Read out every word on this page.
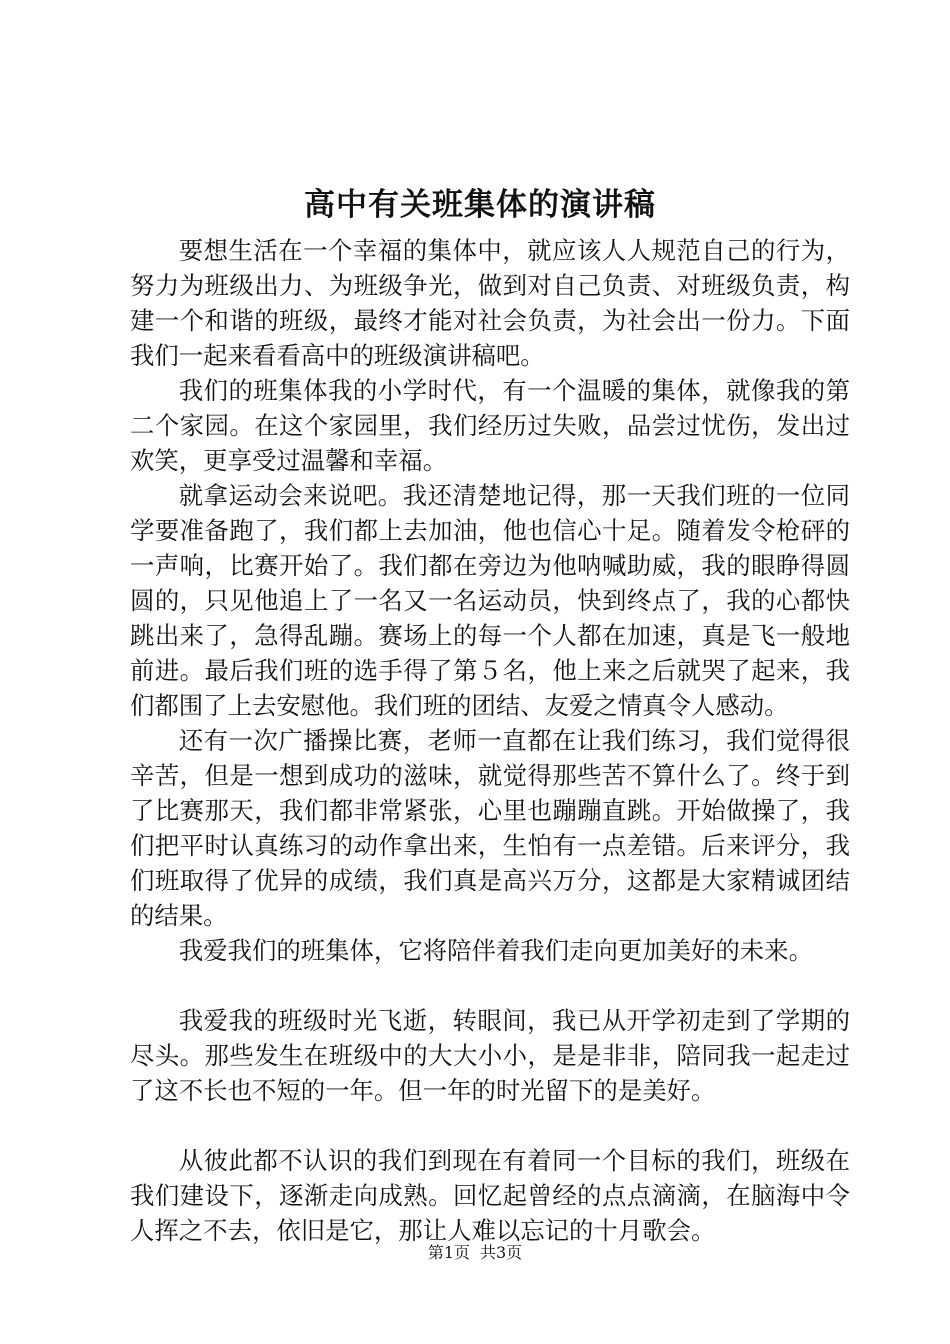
高中有关班集体的演讲稿

要想生活在一个幸福的集体中，就应该人人规范自己的行为，努力为班级出力、为班级争光，做到对自己负责、对班级负责，构建一个和谐的班级，最终才能对社会负责，为社会出一份力。下面我们一起来看看高中的班级演讲稿吧。

我们的班集体我的小学时代，有一个温暖的集体，就像我的第二个家园。在这个家园里，我们经历过失败，品尝过忧伤，发出过欢笑，更享受过温馨和幸福。

就拿运动会来说吧。我还清楚地记得，那一天我们班的一位同学要准备跑了，我们都上去加油，他也信心十足。随着发令枪砰的一声响，比赛开始了。我们都在旁边为他呐喊助威，我的眼睁得圆圆的，只见他追上了一名又一名运动员，快到终点了，我的心都快跳出来了，急得乱蹦。赛场上的每一个人都在加速，真是飞一般地前进。最后我们班的选手得了第５名，他上来之后就哭了起来，我们都围了上去安慰他。我们班的团结、友爱之情真令人感动。

还有一次广播操比赛，老师一直都在让我们练习，我们觉得很辛苦，但是一想到成功的滋味，就觉得那些苦不算什么了。终于到了比赛那天，我们都非常紧张，心里也蹦蹦直跳。开始做操了，我们把平时认真练习的动作拿出来，生怕有一点差错。后来评分，我们班取得了优异的成绩，我们真是高兴万分，这都是大家精诚团结的结果。

我爱我们的班集体，它将陪伴着我们走向更加美好的未来。

我爱我的班级时光飞逝，转眼间，我已从开学初走到了学期的尽头。那些发生在班级中的大大小小，是是非非，陪同我一起走过了这不长也不短的一年。但一年的时光留下的是美好。

从彼此都不认识的我们到现在有着同一个目标的我们，班级在我们建设下，逐渐走向成熟。回忆起曾经的点点滴滴，在脑海中令人挥之不去，依旧是它，那让人难以忘记的十月歌会。

第1页 共3页
